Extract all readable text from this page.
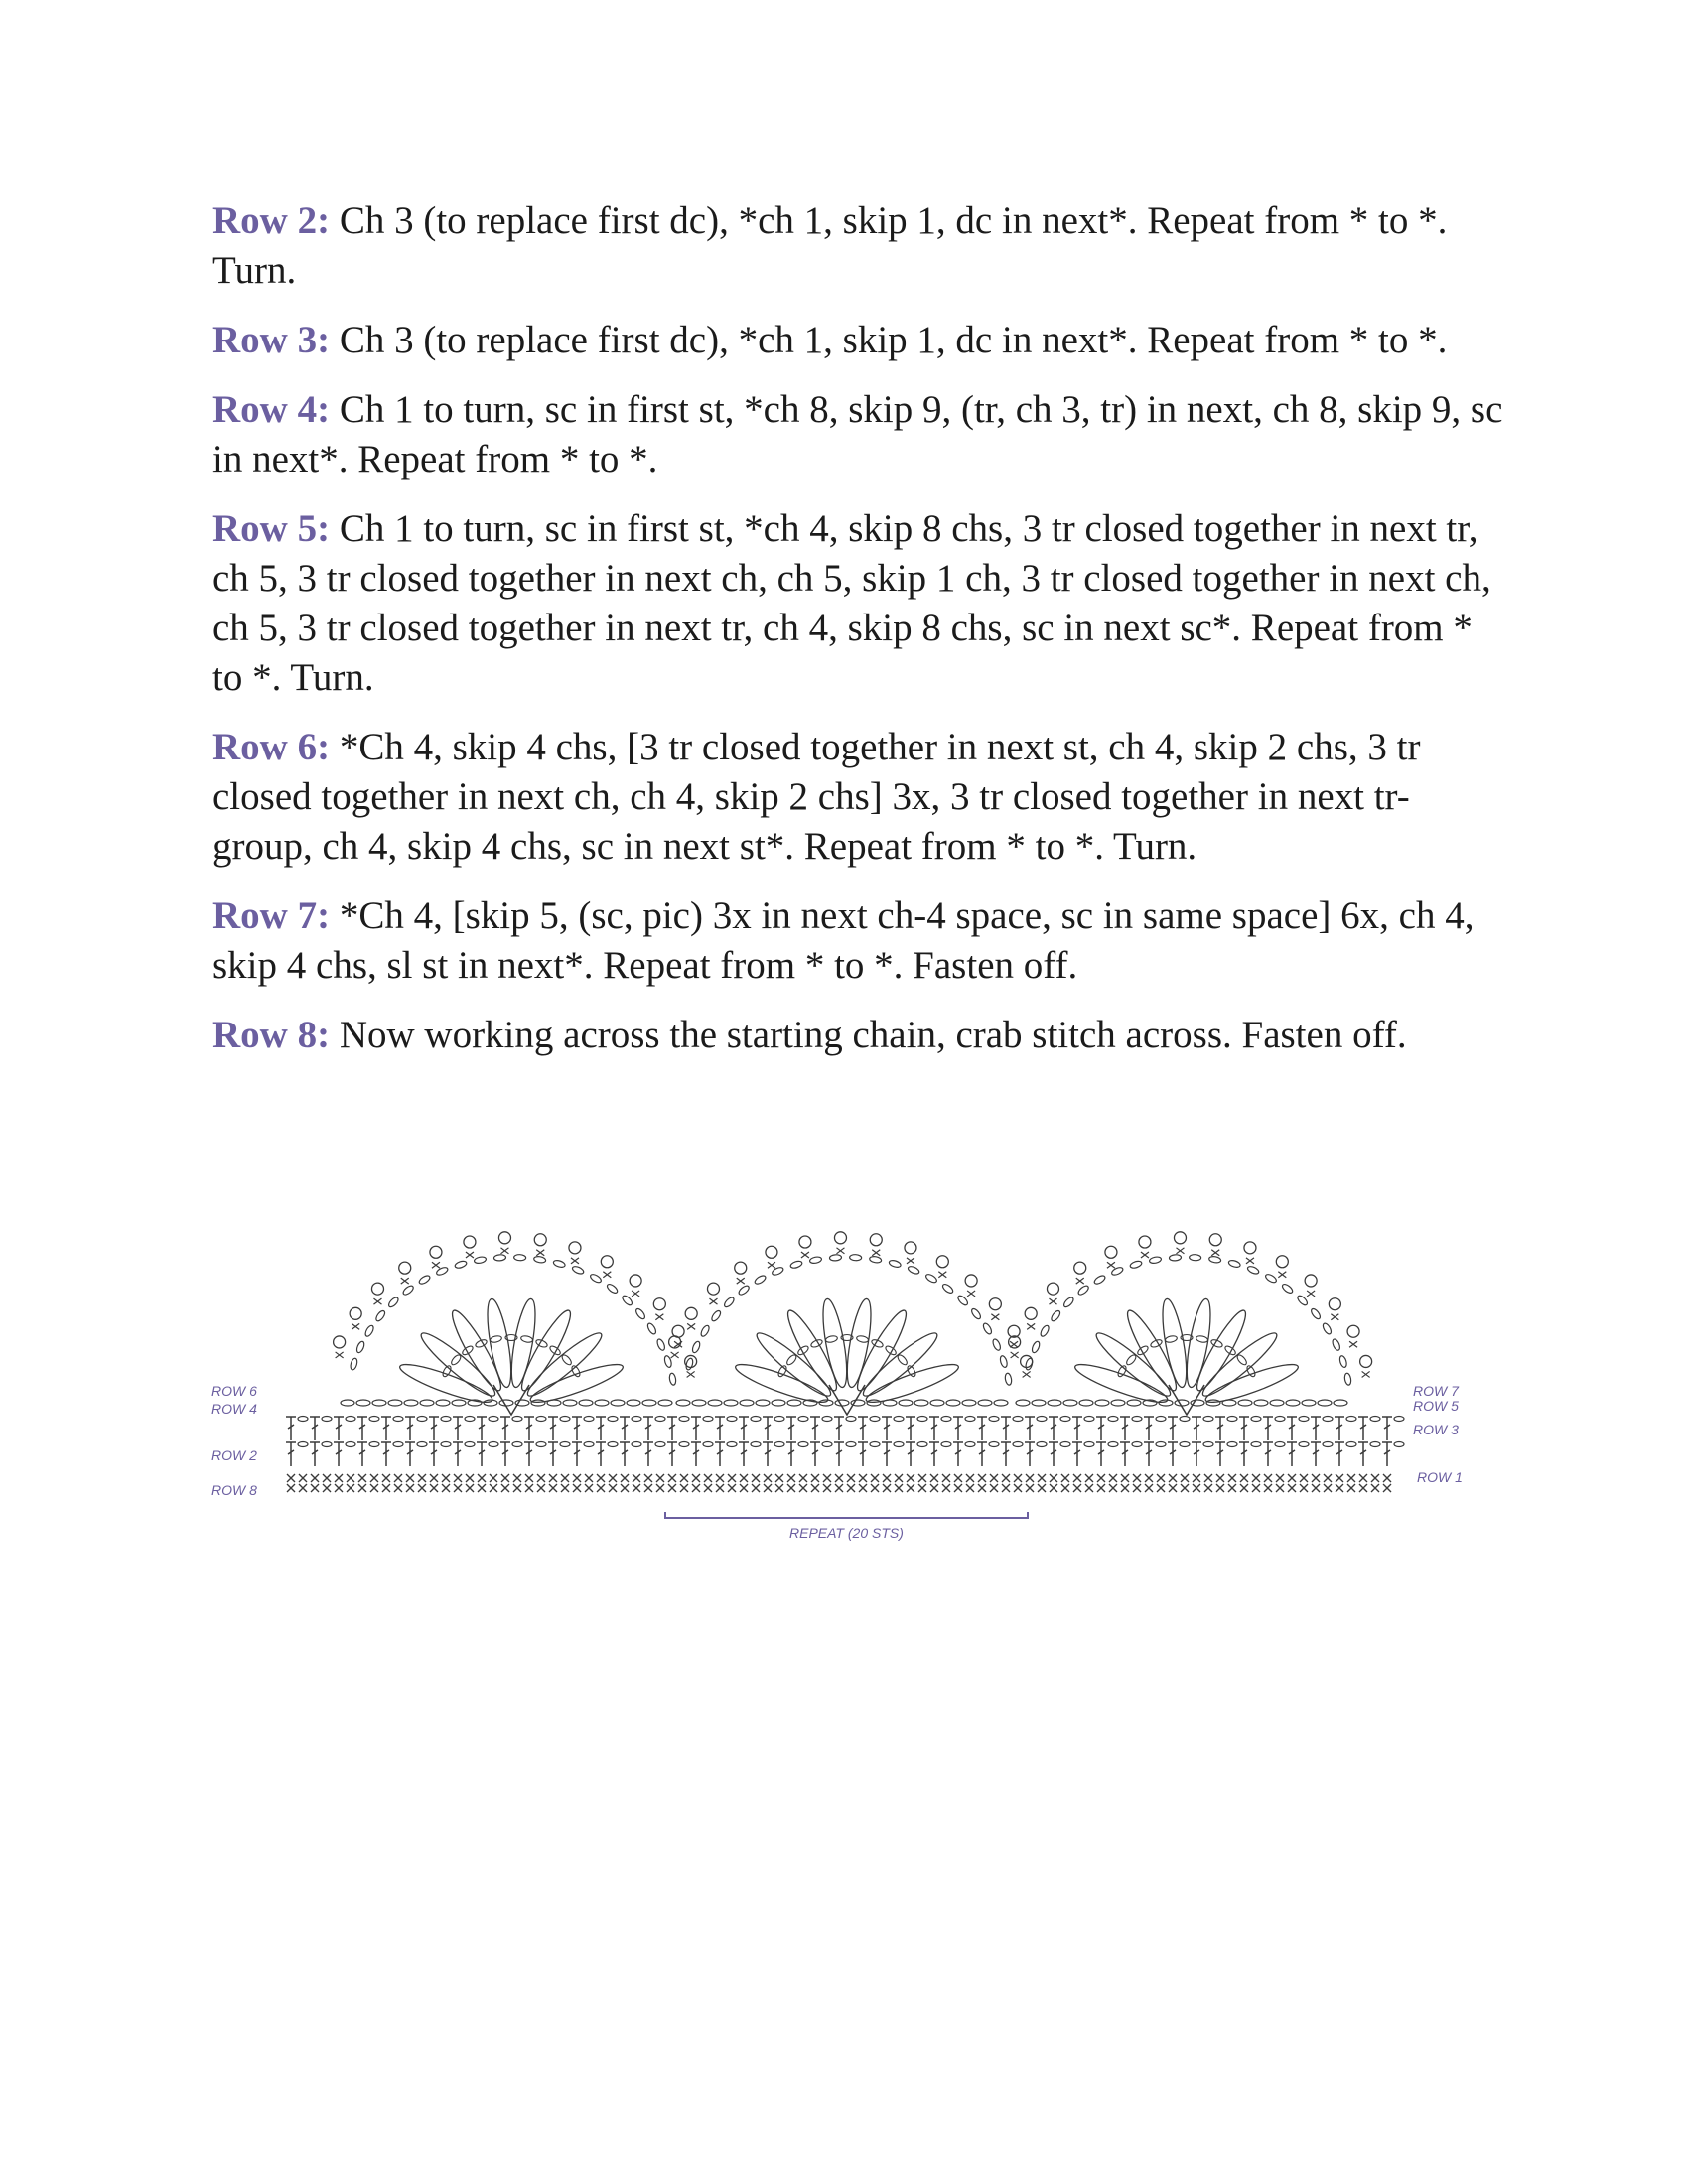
Row 2: Ch 3 (to replace first dc), *ch 1, skip 1, dc in next*. Repeat from * to *. Turn.

Row 3: Ch 3 (to replace first dc), *ch 1, skip 1, dc in next*. Repeat from * to *.

Row 4: Ch 1 to turn, sc in first st, *ch 8, skip 9, (tr, ch 3, tr) in next, ch 8, skip 9, sc in next*. Repeat from * to *.

Row 5: Ch 1 to turn, sc in first st, *ch 4, skip 8 chs, 3 tr closed together in next tr, ch 5, 3 tr closed together in next ch, ch 5, skip 1 ch, 3 tr closed together in next ch, ch 5, 3 tr closed together in next tr, ch 4, skip 8 chs, sc in next sc*. Repeat from * to *. Turn.

Row 6: *Ch 4, skip 4 chs, [3 tr closed together in next st, ch 4, skip 2 chs, 3 tr closed together in next ch, ch 4, skip 2 chs] 3x, 3 tr closed together in next tr-group, ch 4, skip 4 chs, sc in next st*. Repeat from * to *. Turn.

Row 7: *Ch 4, [skip 5, (sc, pic) 3x in next ch-4 space, sc in same space] 6x, ch 4, skip 4 chs, sl st in next*. Repeat from * to *. Fasten off.

Row 8: Now working across the starting chain, crab stitch across. Fasten off.

ROW 6
ROW 4
ROW 2
ROW 8
ROW 7
ROW 5
ROW 3
ROW 1
REPEAT (20 STS)
